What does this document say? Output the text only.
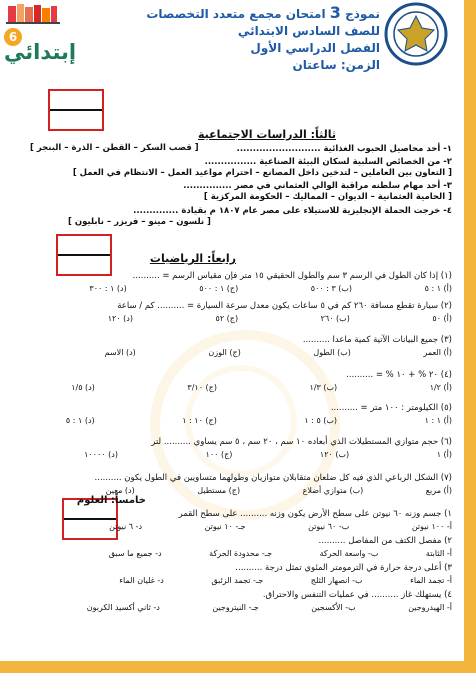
6
إبتدائي
نموذج 3 امتحان مجمع متعدد التخصصات
للصف السادس الابتدائي
الفصل الدراسي الأول
الزمن: ساعتان
ثالثاً: الدراسات الاجتماعية
١- أحد محاصيل الحبوب الغذائية ..........................
[ قصب السكر – القطن – الذرة – البنجر ]
٢- من الخصائص السلبية لسكان البيئة الصناعية ................
[ التعاون بين العاملين – لتدخين داخل المصانع – احترام مواعيد العمل – الانتظام في العمل ]
٣- أحد مهام سلطنه مراقبة الوالي العثماني في مصر ...............
[ الحامية العثمانية – الديوان – المماليك – الحكومة المركزية ]
٤- خرجت الحملة الإنجليزية للاستيلاء على مصر عام ١٨٠٧ م بقيادة ..............
[ نلسون – مينو – فريزر – نابليون ]
رابعاً: الرياضيات
(١) إذا كان الطول في الرسم ٣ سم والطول الحقيقي ١٥ متر فإن مقياس الرسم = ..........
(أ) ١ : ٥ (ب) ٣ : ٥٠٠ (ج) ١ : ٥٠٠ (د) ١ : ٣٠٠
(٢) سيارة تقطع مسافة ٢٦٠ كم في ٥ ساعات يكون معدل سرعة السيارة = .......... كم / ساعة
(أ) ٥٠ (ب) ٢٦٠ (ج) ٥٢ (د) ١٢٠
(٣) جميع البيانات الآتية كمية ماعدا ..........
(أ) العمر (ب) الطول (ج) الوزن (د) الاسم
(٤) ٢٠ % + ١٠ % = ..........
(أ) ١/٢ (ب) ١/٣ (ج) ٣/١٠ (د) ١/٥
(٥) الكيلومتر : ١٠٠ متر = ..........
(أ) ١ : ١ (ب) ٥ : ١ (ج) ١٠ : ١ (د) ١ : ٥
(٦) حجم متوازي المستطيلات الذي أبعاده ١٠ سم ، ٢٠ سم ، ٥ سم يساوي .......... لتر
(أ) ١ (ب) ١٢٠ (ج) ١٠٠ (د) ١٠٠٠٠
(٧) الشكل الرباعي الذي فيه كل ضلعان متقابلان متوازيان وطولهما متساويين في الطول يكون ..........
(أ) مربع (ب) متوازي أضلاع (ج) مستطيل (د) معين
خامساً: العلوم
١) جسم وزنه ٦٠ نيوتن على سطح الأرض يكون وزنه .......... على سطح القمر
أ- ١٠٠ نيوتن ب- ٦٠ نيوتن جـ- ١٠ نيوتن د- ٦ نيوتن
٢) مفصل الكتف من المفاصل ..........
أ- الثابتة ب- واسعة الحركة جـ- محدودة الحركة د- جميع ما سبق
٣) أعلى درجة حرارة في الترمومتر المئوي تمثل درجة ..........
أ- تجمد الماء ب- انصهار الثلج جـ- تجمد الزئبق د- غليان الماء
٤) يستهلك غاز .......... في عمليات التنفس والاحتراق.
أ- الهيدروجين ب- الأكسجين جـ- النيتروجين د- ثاني أكسيد الكربون
